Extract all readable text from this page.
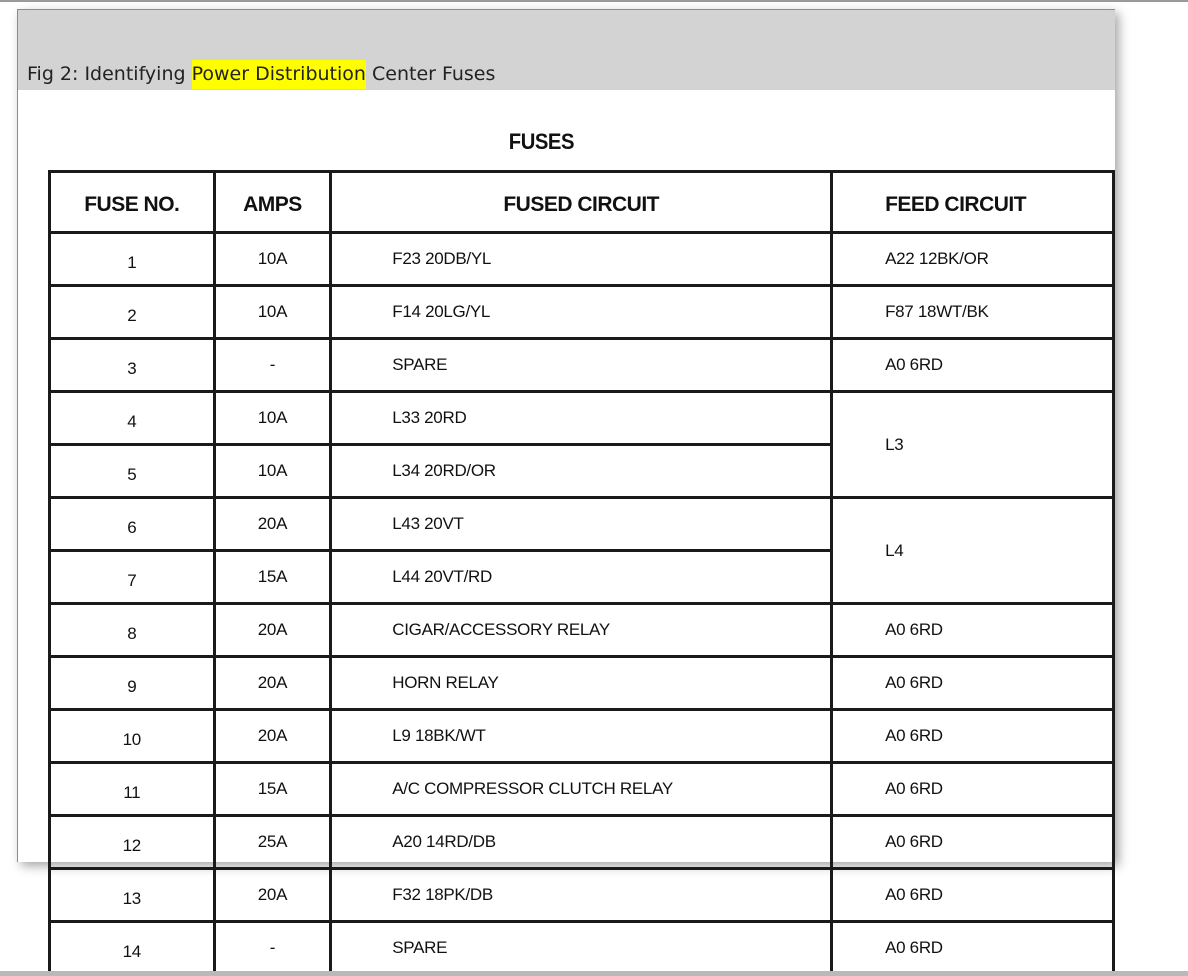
Fig 2: Identifying Power Distribution Center Fuses
FUSES
FUSE NO.	AMPS	FUSED CIRCUIT	FEED CIRCUIT
1	10A	F23 20DB/YL	A22 12BK/OR
2	10A	F14 20LG/YL	F87 18WT/BK
3	-	SPARE	A0 6RD
4	10A	L33 20RD	L3
5	10A	L34 20RD/OR	
6	20A	L43 20VT	L4
7	15A	L44 20VT/RD	
8	20A	CIGAR/ACCESSORY RELAY	A0 6RD
9	20A	HORN RELAY	A0 6RD
10	20A	L9 18BK/WT	A0 6RD
11	15A	A/C COMPRESSOR CLUTCH RELAY	A0 6RD
12	25A	A20 14RD/DB	A0 6RD
13	20A	F32 18PK/DB	A0 6RD
14	-	SPARE	A0 6RD
